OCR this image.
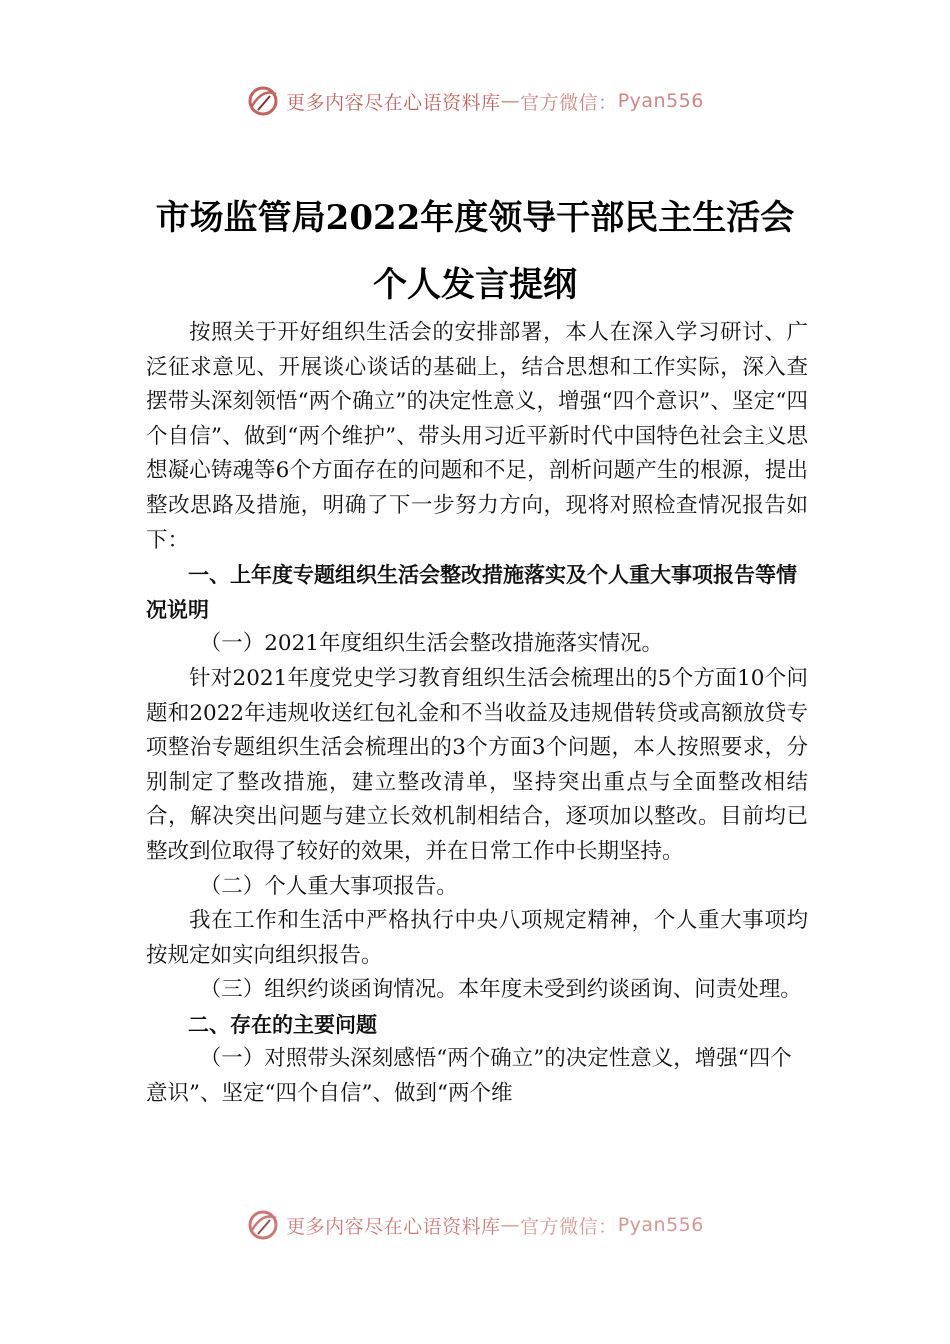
更多内容尽在心语资料库 — 官方微信： Pyan556
市场监管局2022年度领导干部民主生活会
个人发言提纲

按照关于开好组织生活会的安排部署，本人在深入学习研讨、广泛征求意见、开展谈心谈话的基础上，结合思想和工作实际，深入查摆带头深刻领悟“两个确立”的决定性意义，增强“四个意识”、坚定“四个自信”、做到“两个维护”、带头用习近平新时代中国特色社会主义思想凝心铸魂等6个方面存在的问题和不足，剖析问题产生的根源，提出整改思路及措施，明确了下一步努力方向，现将对照检查情况报告如下：

一、上年度专题组织生活会整改措施落实及个人重大事项报告等情况说明

（一）2021年度组织生活会整改措施落实情况。

针对2021年度党史学习教育组织生活会梳理出的5个方面10个问题和2022年违规收送红包礼金和不当收益及违规借转贷或高额放贷专项整治专题组织生活会梳理出的3个方面3个问题，本人按照要求，分别制定了整改措施，建立整改清单，坚持突出重点与全面整改相结合，解决突出问题与建立长效机制相结合，逐项加以整改。目前均已整改到位取得了较好的效果，并在日常工作中长期坚持。

（二）个人重大事项报告。

我在工作和生活中严格执行中央八项规定精神，个人重大事项均按规定如实向组织报告。

（三）组织约谈函询情况。本年度未受到约谈函询、问责处理。

二、存在的主要问题

（一）对照带头深刻感悟“两个确立”的决定性意义，增强“四个意识”、坚定“四个自信”、做到“两个维

更多内容尽在心语资料库 — 官方微信： Pyan556
